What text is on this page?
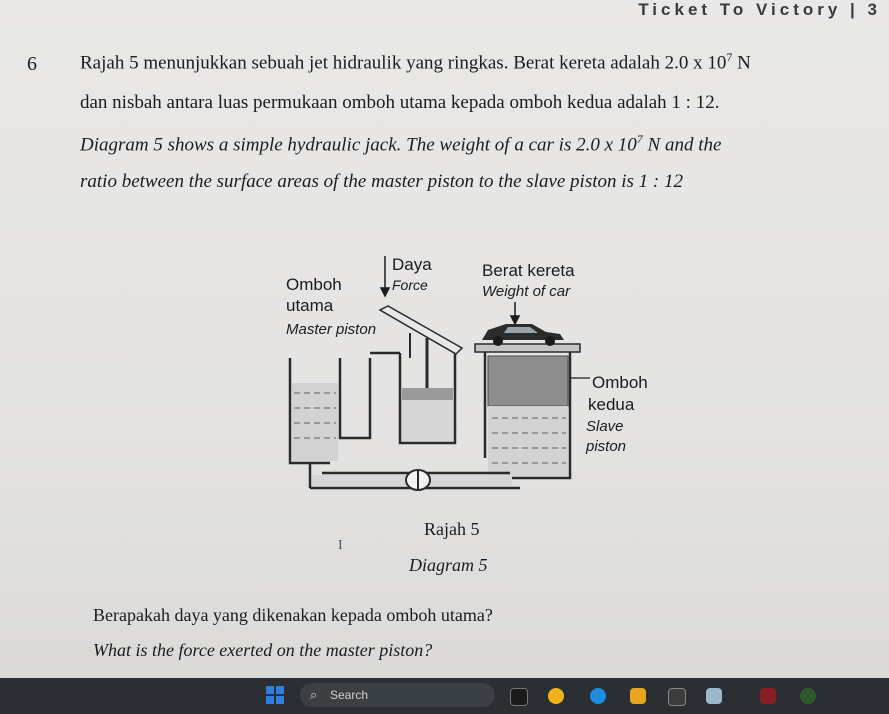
Ticket To Victory | 3
6 Rajah 5 menunjukkan sebuah jet hidraulik yang ringkas. Berat kereta adalah 2.0 x $10^7$ N
dan nisbah antara luas permukaan omboh utama kepada omboh kedua adalah 1 : 12.
Diagram 5 shows a simple hydraulic jack. The weight of a car is 2.0 x $10^7$ N and the
ratio between the surface areas of the master piston to the slave piston is 1 : 12
Daya
Force
Berat kereta
Weight of car
Omboh
utama
Master piston
Omboh
kedua
Slave
piston
Rajah 5
Diagram 5
I
Berapakah daya yang dikenakan kepada omboh utama?
What is the force exerted on the master piston?
⌕ Search
